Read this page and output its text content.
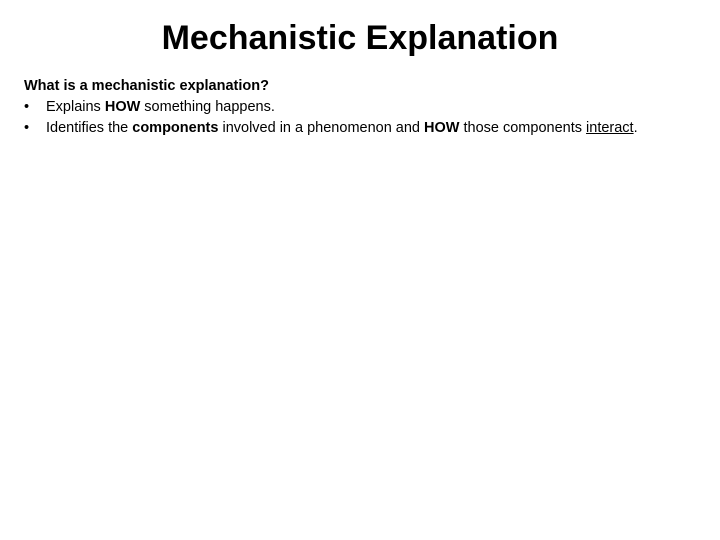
Mechanistic Explanation

What is a mechanistic explanation?

•	Explains HOW something happens.
•	Identifies the components involved in a phenomenon and HOW those components interact.
